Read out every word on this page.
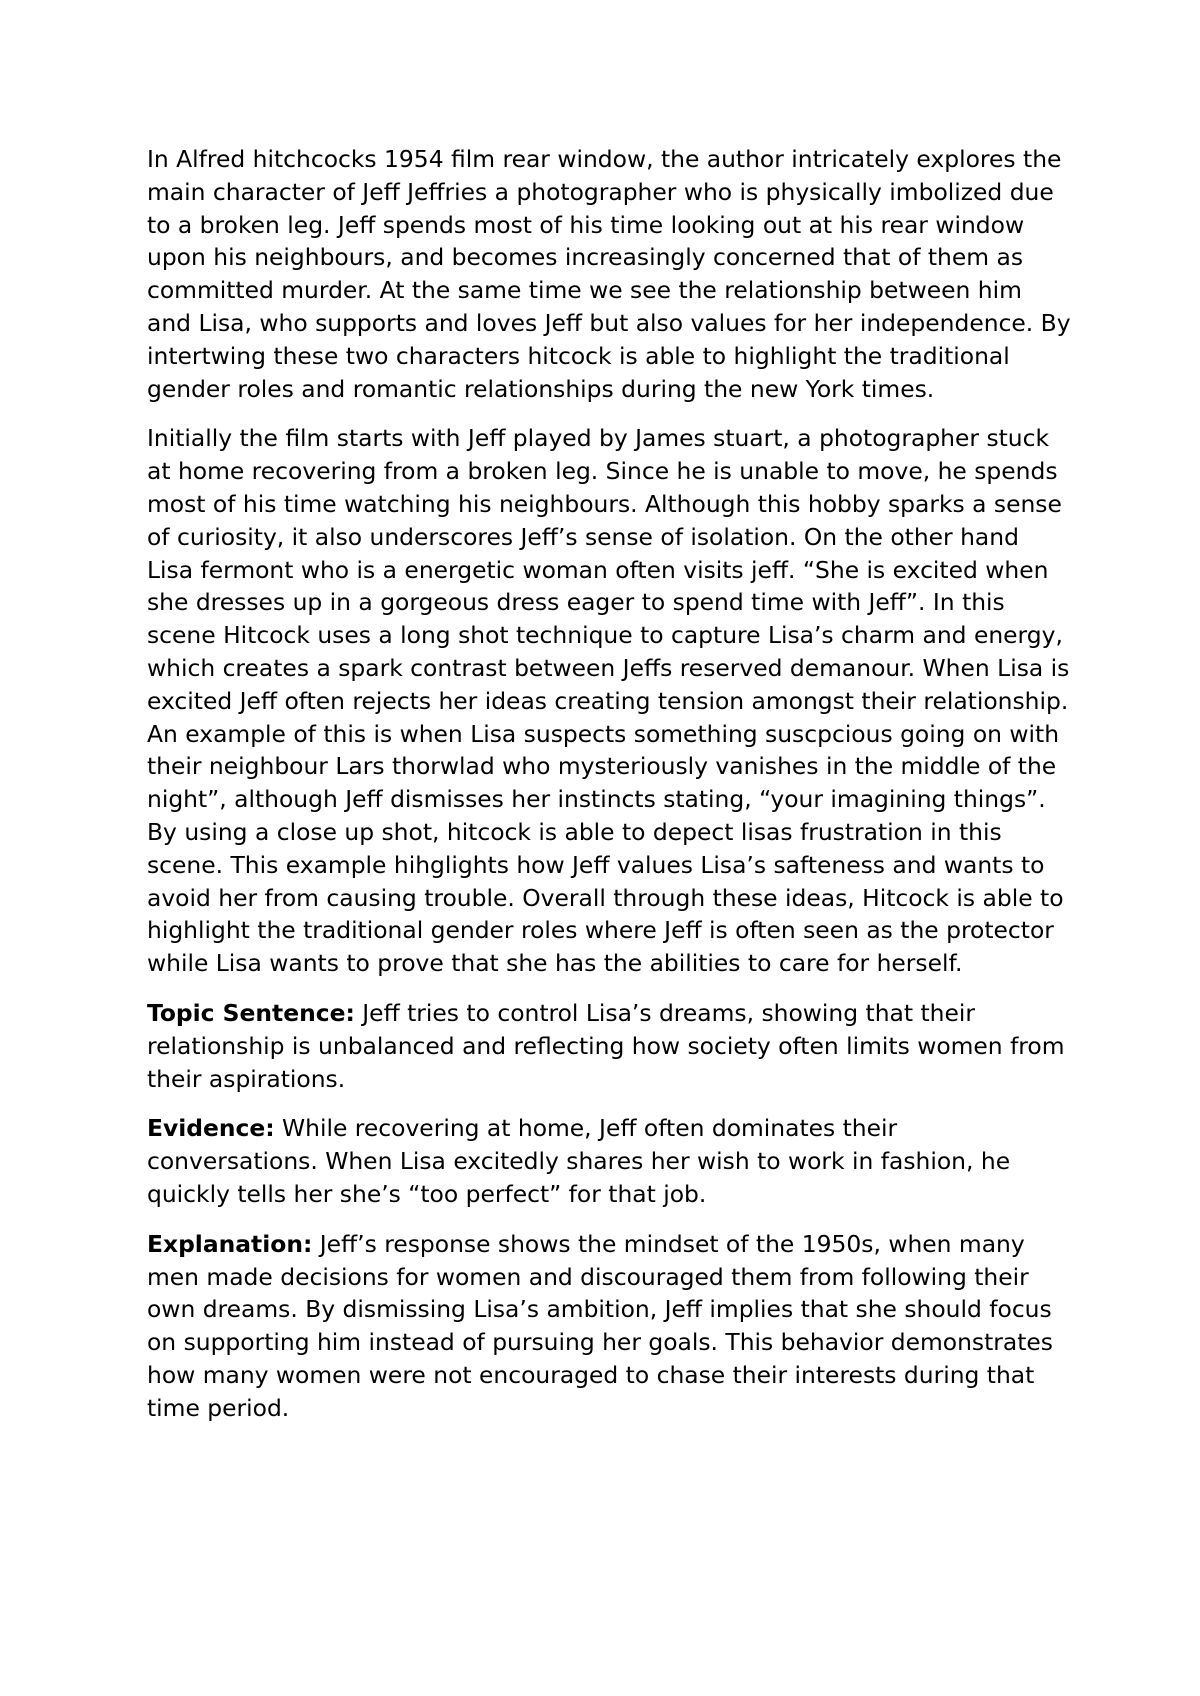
In Alfred hitchcocks 1954 film rear window, the author intricately explores the main character of Jeff Jeffries a photographer who is physically imbolized due to a broken leg. Jeff spends most of his time looking out at his rear window upon his neighbours, and becomes increasingly concerned that of them as committed murder. At the same time we see the relationship between him and Lisa, who supports and loves Jeff but also values for her independence. By intertwing these two characters hitcock is able to highlight the traditional gender roles and romantic relationships during the new York times.

Initially the film starts with Jeff played by James stuart, a photographer stuck at home recovering from a broken leg. Since he is unable to move, he spends most of his time watching his neighbours. Although this hobby sparks a sense of curiosity, it also underscores Jeff’s sense of isolation. On the other hand Lisa fermont who is a energetic woman often visits jeff. “She is excited when she dresses up in a gorgeous dress eager to spend time with Jeff”. In this scene Hitcock uses a long shot technique to capture Lisa’s charm and energy, which creates a spark contrast between Jeffs reserved demanour. When Lisa is excited Jeff often rejects her ideas creating tension amongst their relationship. An example of this is when Lisa suspects something suscpcious going on with their neighbour Lars thorwlad who mysteriously vanishes in the middle of the night”, although Jeff dismisses her instincts stating, “your imagining things”. By using a close up shot, hitcock is able to depect lisas frustration in this scene. This example hihglights how Jeff values Lisa’s safteness and wants to avoid her from causing trouble. Overall through these ideas, Hitcock is able to highlight the traditional gender roles where Jeff is often seen as the protector while Lisa wants to prove that she has the abilities to care for herself.

Topic Sentence: Jeff tries to control Lisa’s dreams, showing that their relationship is unbalanced and reflecting how society often limits women from their aspirations.

Evidence: While recovering at home, Jeff often dominates their conversations. When Lisa excitedly shares her wish to work in fashion, he quickly tells her she’s “too perfect” for that job.

Explanation: Jeff’s response shows the mindset of the 1950s, when many men made decisions for women and discouraged them from following their own dreams. By dismissing Lisa’s ambition, Jeff implies that she should focus on supporting him instead of pursuing her goals. This behavior demonstrates how many women were not encouraged to chase their interests during that time period.
